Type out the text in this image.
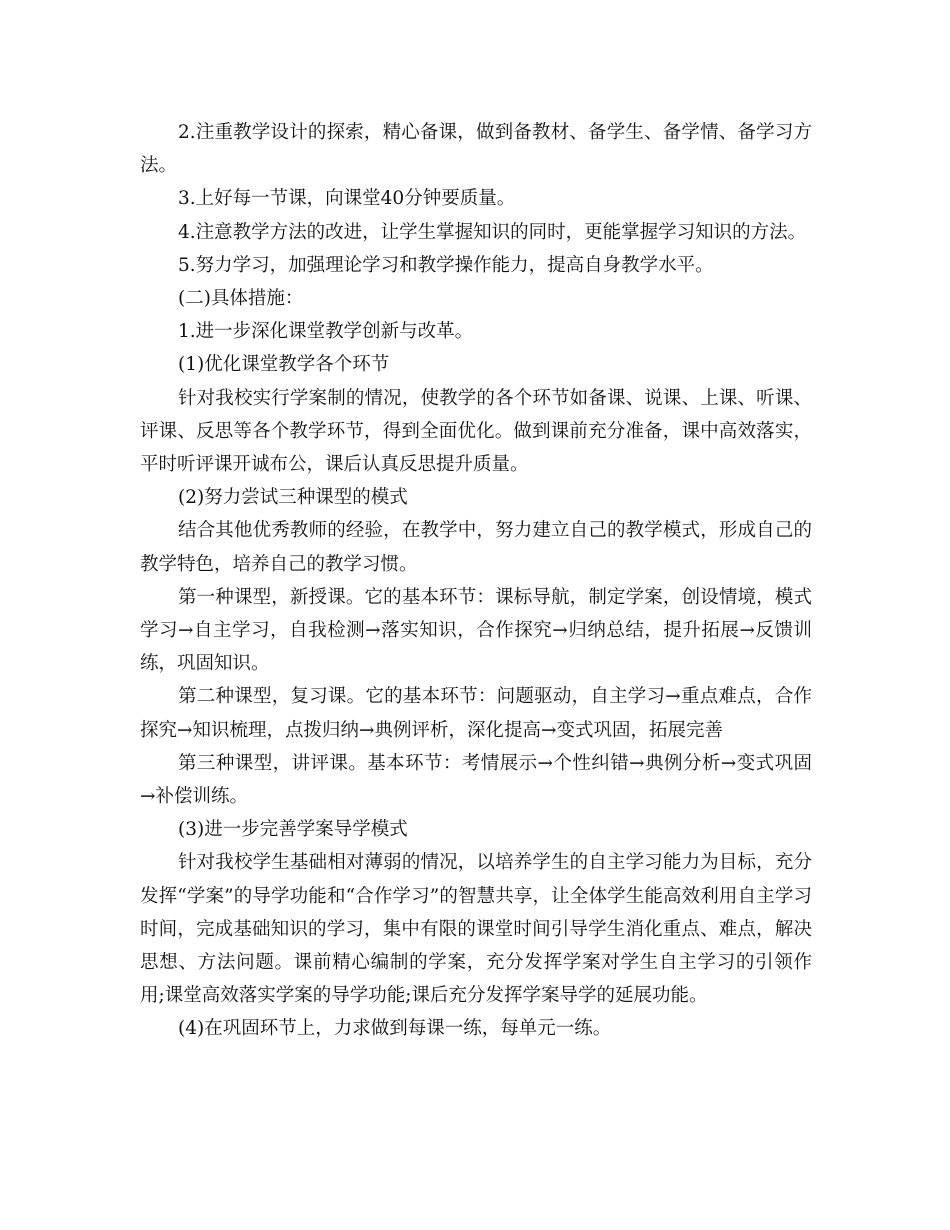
2.注重教学设计的探索，精心备课，做到备教材、备学生、备学情、备学习方法。

3.上好每一节课，向课堂40分钟要质量。

4.注意教学方法的改进，让学生掌握知识的同时，更能掌握学习知识的方法。

5.努力学习，加强理论学习和教学操作能力，提高自身教学水平。

(二)具体措施：

1.进一步深化课堂教学创新与改革。

(1)优化课堂教学各个环节

针对我校实行学案制的情况，使教学的各个环节如备课、说课、上课、听课、评课、反思等各个教学环节，得到全面优化。做到课前充分准备，课中高效落实，平时听评课开诚布公，课后认真反思提升质量。

(2)努力尝试三种课型的模式

结合其他优秀教师的经验，在教学中，努力建立自己的教学模式，形成自己的教学特色，培养自己的教学习惯。

第一种课型，新授课。它的基本环节：课标导航，制定学案，创设情境，模式学习→自主学习，自我检测→落实知识，合作探究→归纳总结，提升拓展→反馈训练，巩固知识。

第二种课型，复习课。它的基本环节：问题驱动，自主学习→重点难点，合作探究→知识梳理，点拨归纳→典例评析，深化提高→变式巩固，拓展完善

第三种课型，讲评课。基本环节：考情展示→个性纠错→典例分析→变式巩固→补偿训练。

(3)进一步完善学案导学模式

针对我校学生基础相对薄弱的情况，以培养学生的自主学习能力为目标，充分发挥“学案”的导学功能和“合作学习”的智慧共享，让全体学生能高效利用自主学习时间，完成基础知识的学习，集中有限的课堂时间引导学生消化重点、难点，解决思想、方法问题。课前精心编制的学案，充分发挥学案对学生自主学习的引领作用;课堂高效落实学案的导学功能;课后充分发挥学案导学的延展功能。

(4)在巩固环节上，力求做到每课一练，每单元一练。
